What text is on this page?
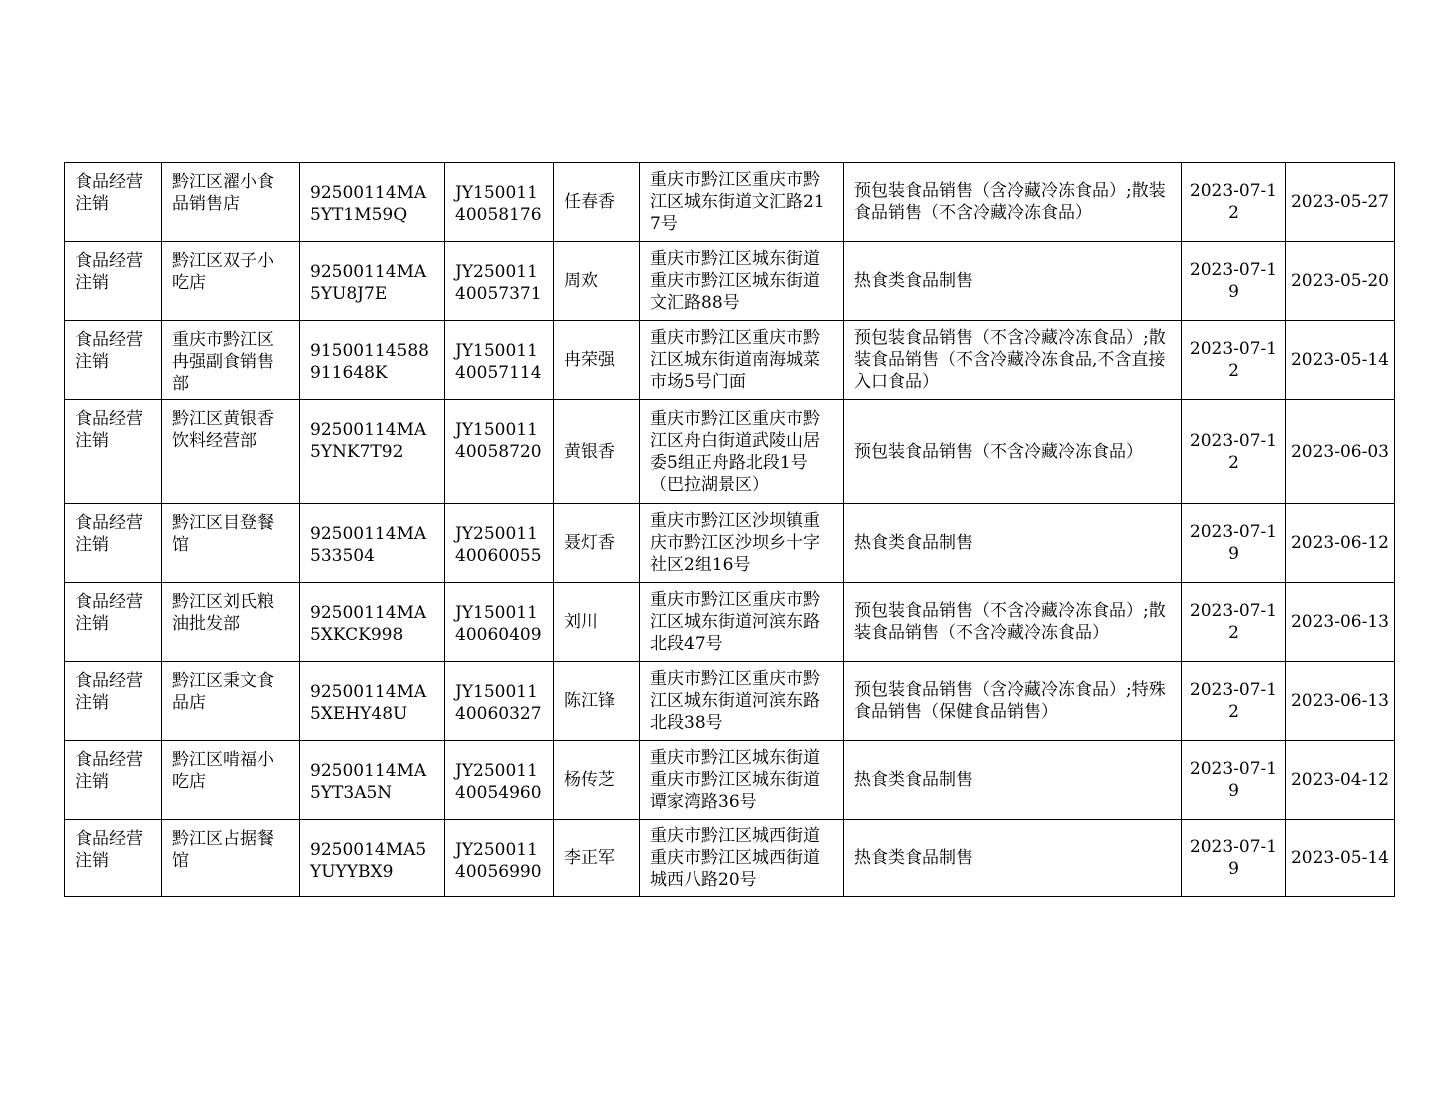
食品经营注销	黔江区濯小食品销售店	92500114MA5YT1M59Q	JY15001140058176	任春香	重庆市黔江区重庆市黔江区城东街道文汇路217号	预包装食品销售（含冷藏冷冻食品）;散装食品销售（不含冷藏冷冻食品）	2023-07-12	2023-05-27
食品经营注销	黔江区双子小吃店	92500114MA5YU8J7E	JY25001140057371	周欢	重庆市黔江区城东街道重庆市黔江区城东街道文汇路88号	热食类食品制售	2023-07-19	2023-05-20
食品经营注销	重庆市黔江区冉强副食销售部	91500114588911648K	JY15001140057114	冉荣强	重庆市黔江区重庆市黔江区城东街道南海城菜市场5号门面	预包装食品销售（不含冷藏冷冻食品）;散装食品销售（不含冷藏冷冻食品,不含直接入口食品）	2023-07-12	2023-05-14
食品经营注销	黔江区黄银香饮料经营部	92500114MA5YNK7T92	JY15001140058720	黄银香	重庆市黔江区重庆市黔江区舟白街道武陵山居委5组正舟路北段1号（巴拉湖景区）	预包装食品销售（不含冷藏冷冻食品）	2023-07-12	2023-06-03
食品经营注销	黔江区目登餐馆	92500114MA533504	JY25001140060055	聂灯香	重庆市黔江区沙坝镇重庆市黔江区沙坝乡十字社区2组16号	热食类食品制售	2023-07-19	2023-06-12
食品经营注销	黔江区刘氏粮油批发部	92500114MA5XKCK998	JY15001140060409	刘川	重庆市黔江区重庆市黔江区城东街道河滨东路北段47号	预包装食品销售（不含冷藏冷冻食品）;散装食品销售（不含冷藏冷冻食品）	2023-07-12	2023-06-13
食品经营注销	黔江区秉文食品店	92500114MA5XEHY48U	JY15001140060327	陈江锋	重庆市黔江区重庆市黔江区城东街道河滨东路北段38号	预包装食品销售（含冷藏冷冻食品）;特殊食品销售（保健食品销售）	2023-07-12	2023-06-13
食品经营注销	黔江区啃福小吃店	92500114MA5YT3A5N	JY25001140054960	杨传芝	重庆市黔江区城东街道重庆市黔江区城东街道谭家湾路36号	热食类食品制售	2023-07-19	2023-04-12
食品经营注销	黔江区占据餐馆	9250014MA5YUYYBX9	JY25001140056990	李正军	重庆市黔江区城西街道重庆市黔江区城西街道城西八路20号	热食类食品制售	2023-07-19	2023-05-14
